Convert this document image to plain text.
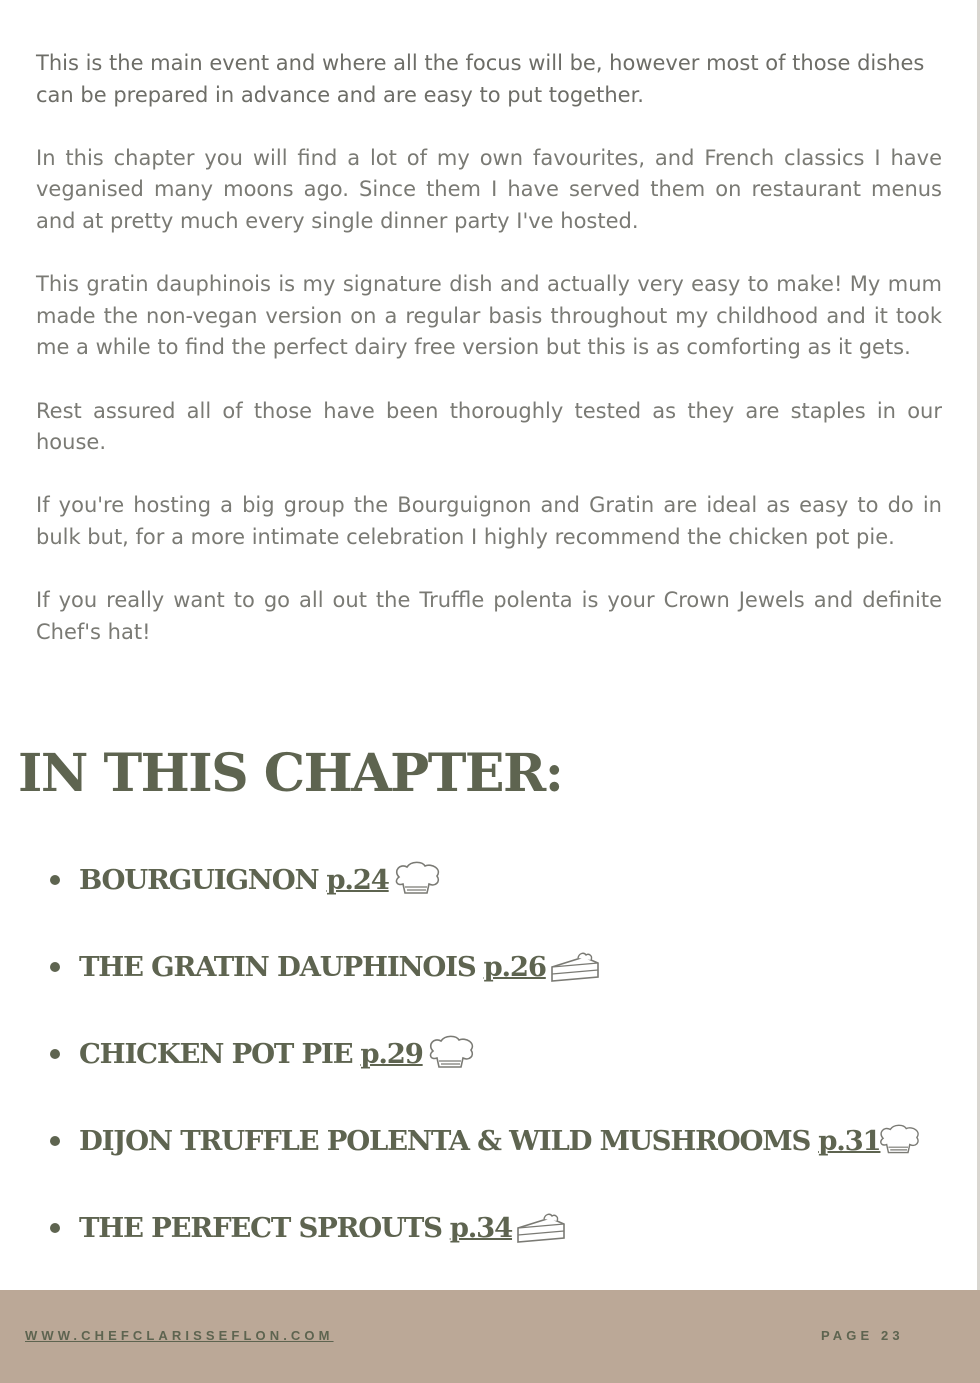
This is the main event and where all the focus will be, however most of those dishes can be prepared in advance and are easy to put together.

In this chapter you will find a lot of my own favourites, and French classics I have veganised many moons ago. Since them I have served them on restaurant menus and at pretty much every single dinner party I've hosted.

This gratin dauphinois is my signature dish and actually very easy to make! My mum made the non-vegan version on a regular basis throughout my childhood and it took me a while to find the perfect dairy free version but this is as comforting as it gets.

Rest assured all of those have been thoroughly tested as they are staples in our house.

If you're hosting a big group the Bourguignon and Gratin are ideal as easy to do in bulk but, for a more intimate celebration I highly recommend the chicken pot pie.

If you really want to go all out the Truffle polenta is your Crown Jewels and definite Chef's hat!

IN THIS CHAPTER:
BOURGUIGNON p.24
THE GRATIN DAUPHINOIS p.26
CHICKEN POT PIE p.29
DIJON TRUFFLE POLENTA & WILD MUSHROOMS p.31
THE PERFECT SPROUTS p.34
WWW.CHEFCLARISSEFLON.COM	PAGE 23
